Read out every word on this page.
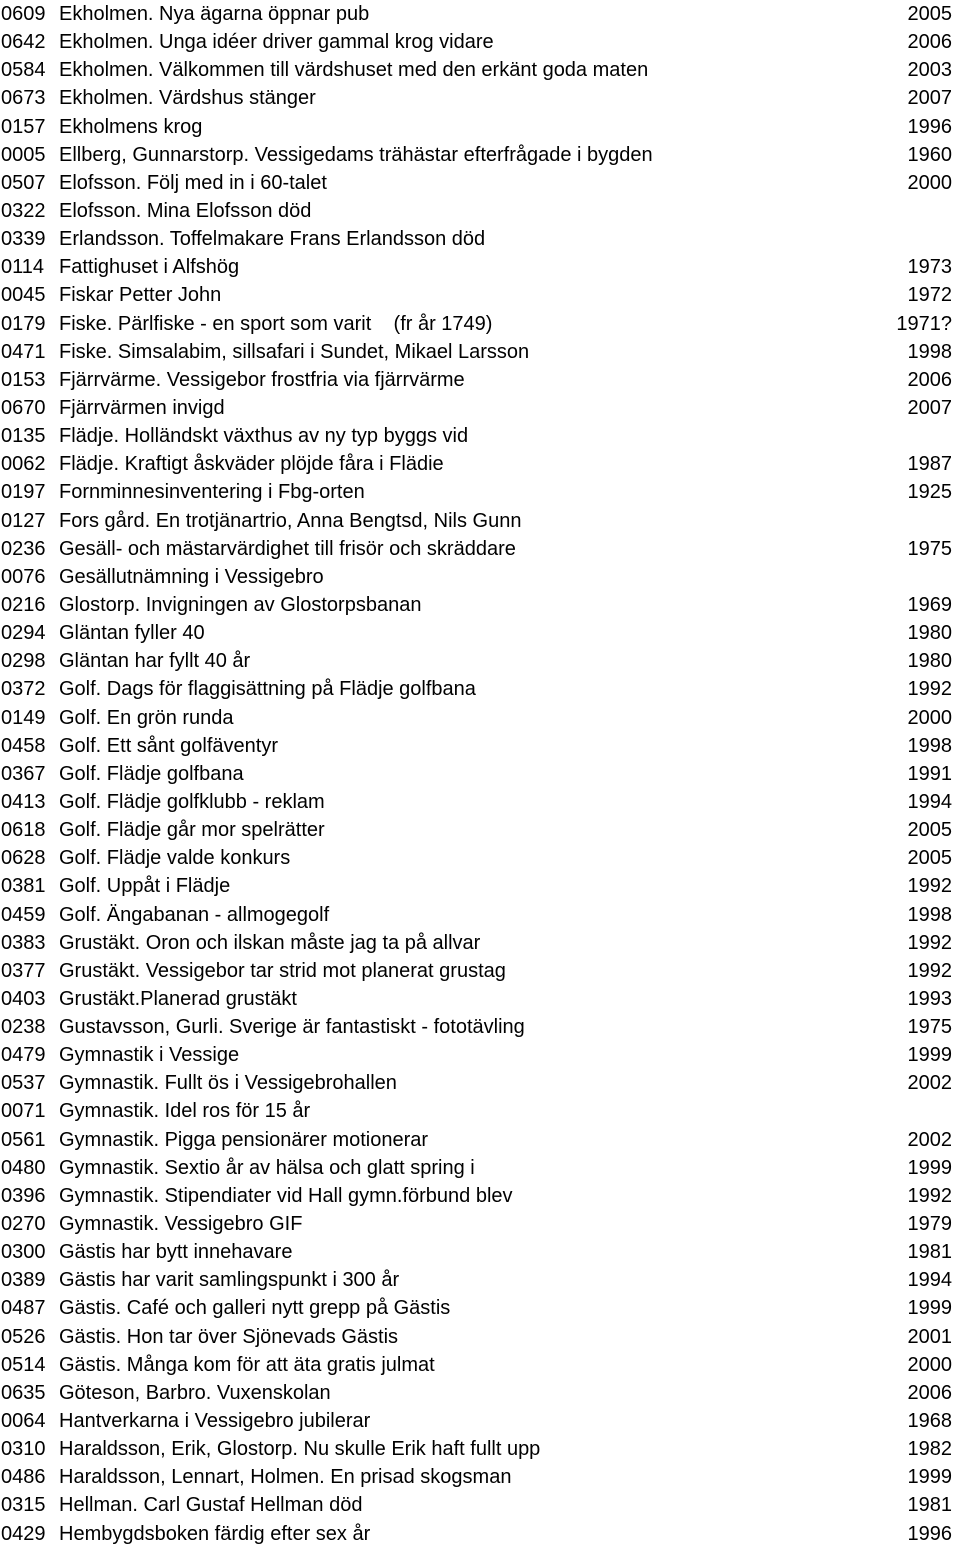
0609 Ekholmen. Nya ägarna öppnar pub	2005
0642 Ekholmen. Unga idéer driver gammal krog vidare	2006
0584 Ekholmen. Välkommen till värdshuset med den erkänt goda maten	2003
0673 Ekholmen. Värdshus stänger	2007
0157 Ekholmens krog	1996
0005 Ellberg, Gunnarstorp. Vessigedams trähästar efterfrågade i bygden	1960
0507 Elofsson. Följ med in i 60-talet	2000
0322 Elofsson. Mina Elofsson död
0339 Erlandsson. Toffelmakare Frans Erlandsson död
0114 Fattighuset i Alfshög	1973
0045 Fiskar Petter John	1972
0179 Fiske. Pärlfiske - en sport som varit    (fr år 1749)	1971?
0471 Fiske. Simsalabim, sillsafari i Sundet, Mikael Larsson	1998
0153 Fjärrvärme. Vessigebor frostfria via fjärrvärme	2006
0670 Fjärrvärmen invigd	2007
0135 Flädje. Holländskt växthus av ny typ byggs vid
0062 Flädje. Kraftigt åskväder plöjde fåra i Flädie	1987
0197 Fornminnesinventering i Fbg-orten	1925
0127 Fors gård. En trotjänartrio, Anna Bengtsd, Nils Gunn
0236 Gesäll- och mästarvärdighet till frisör och skräddare	1975
0076 Gesällutnämning i Vessigebro
0216 Glostorp. Invigningen av Glostorpsbanan	1969
0294 Gläntan fyller 40	1980
0298 Gläntan har fyllt 40 år	1980
0372 Golf. Dags för flaggisättning på Flädje golfbana	1992
0149 Golf. En grön runda	2000
0458 Golf. Ett sånt golfäventyr	1998
0367 Golf. Flädje golfbana	1991
0413 Golf. Flädje golfklubb - reklam	1994
0618 Golf. Flädje går mor spelrätter	2005
0628 Golf. Flädje valde konkurs	2005
0381 Golf. Uppåt i Flädje	1992
0459 Golf. Ängabanan - allmogegolf	1998
0383 Grustäkt. Oron och ilskan måste jag ta på allvar	1992
0377 Grustäkt. Vessigebor tar strid mot planerat grustag	1992
0403 Grustäkt.Planerad grustäkt	1993
0238 Gustavsson, Gurli. Sverige är fantastiskt - fototävling	1975
0479 Gymnastik i Vessige	1999
0537 Gymnastik. Fullt ös i Vessigebrohallen	2002
0071 Gymnastik. Idel ros för 15 år
0561 Gymnastik. Pigga pensionärer motionerar	2002
0480 Gymnastik. Sextio år av hälsa och glatt spring i	1999
0396 Gymnastik. Stipendiater vid Hall gymn.förbund blev	1992
0270 Gymnastik. Vessigebro GIF	1979
0300 Gästis har bytt innehavare	1981
0389 Gästis har varit samlingspunkt i 300 år	1994
0487 Gästis. Café och galleri nytt grepp på Gästis	1999
0526 Gästis. Hon tar över Sjönevads Gästis	2001
0514 Gästis. Många kom för att äta gratis julmat	2000
0635 Göteson, Barbro. Vuxenskolan	2006
0064 Hantverkarna i Vessigebro jubilerar	1968
0310 Haraldsson, Erik, Glostorp. Nu skulle Erik haft fullt upp	1982
0486 Haraldsson, Lennart, Holmen. En prisad skogsman	1999
0315 Hellman. Carl Gustaf Hellman död	1981
0429 Hembygdsboken färdig efter sex år	1996
